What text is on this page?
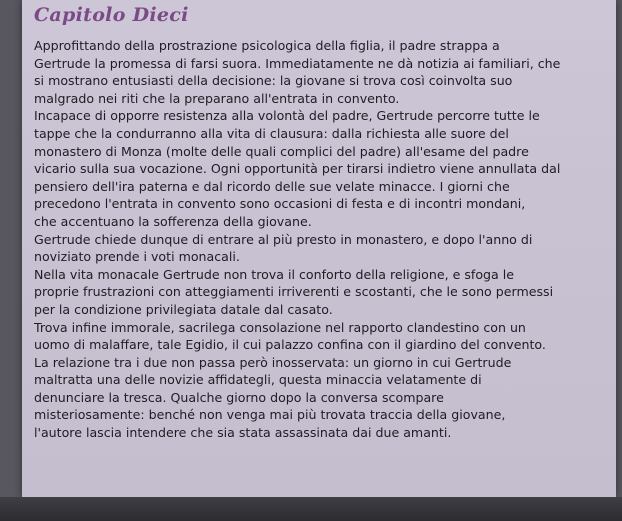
Capitolo Dieci

Approfittando della prostrazione psicologica della figlia, il padre strappa a
Gertrude la promessa di farsi suora. Immediatamente ne dà notizia ai familiari, che
si mostrano entusiasti della decisione: la giovane si trova così coinvolta suo
malgrado nei riti che la preparano all'entrata in convento.

Incapace di opporre resistenza alla volontà del padre, Gertrude percorre tutte le
tappe che la condurranno alla vita di clausura: dalla richiesta alle suore del
monastero di Monza (molte delle quali complici del padre) all'esame del padre
vicario sulla sua vocazione. Ogni opportunità per tirarsi indietro viene annullata dal
pensiero dell'ira paterna e dal ricordo delle sue velate minacce. I giorni che
precedono l'entrata in convento sono occasioni di festa e di incontri mondani,
che accentuano la sofferenza della giovane.

Gertrude chiede dunque di entrare al più presto in monastero, e dopo l'anno di
noviziato prende i voti monacali.

Nella vita monacale Gertrude non trova il conforto della religione, e sfoga le
proprie frustrazioni con atteggiamenti irriverenti e scostanti, che le sono permessi
per la condizione privilegiata datale dal casato.

Trova infine immorale, sacrilega consolazione nel rapporto clandestino con un
uomo di malaffare, tale Egidio, il cui palazzo confina con il giardino del convento.
La relazione tra i due non passa però inosservata: un giorno in cui Gertrude
maltratta una delle novizie affidategli, questa minaccia velatamente di
denunciare la tresca. Qualche giorno dopo la conversa scompare
misteriosamente: benché non venga mai più trovata traccia della giovane,
l'autore lascia intendere che sia stata assassinata dai due amanti.
